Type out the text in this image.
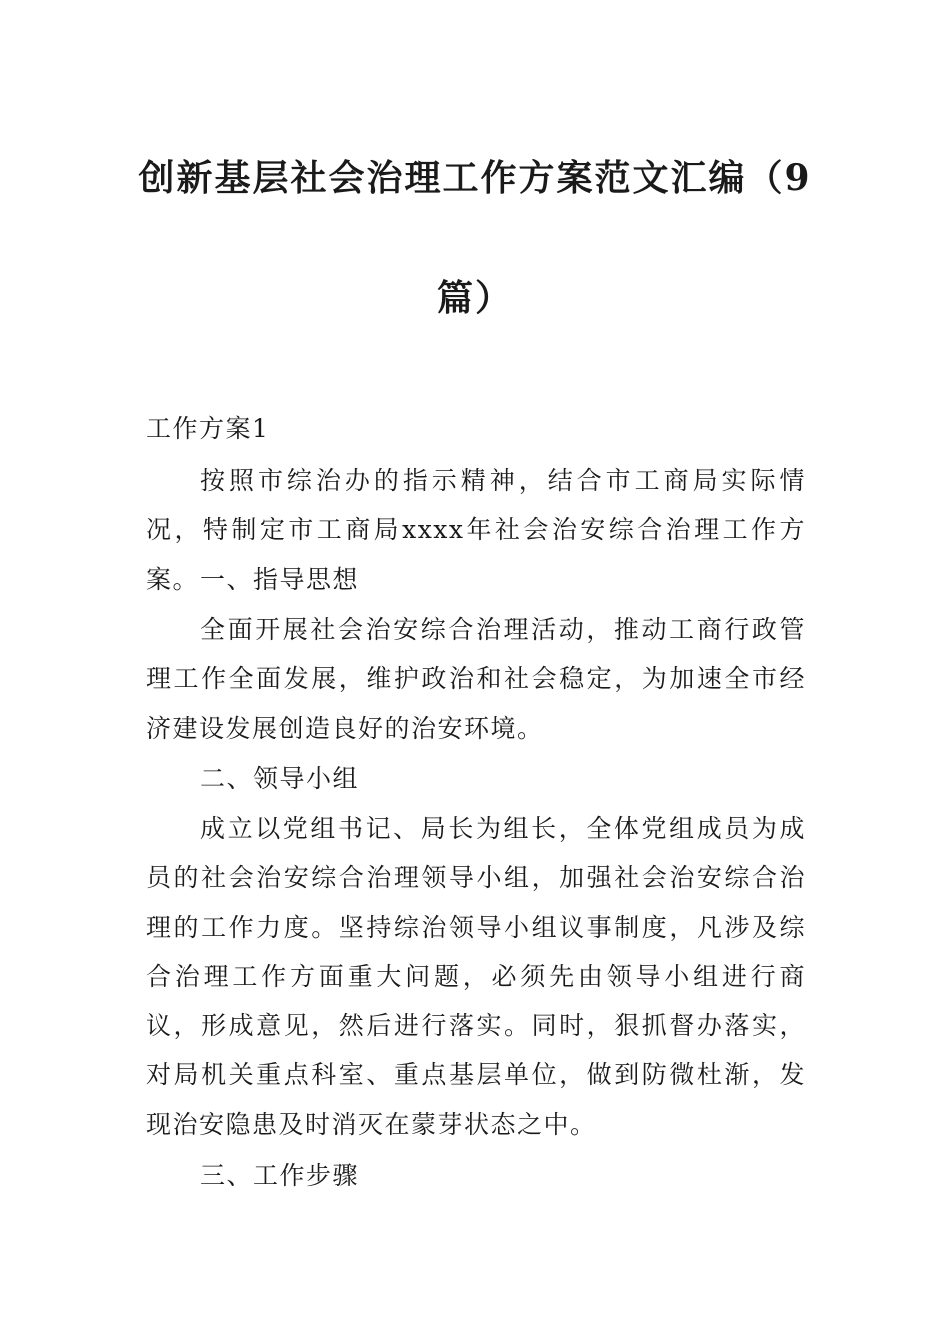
创新基层社会治理工作方案范文汇编（9
篇）

工作方案1

按照市综治办的指示精神，结合市工商局实际情况，特制定市工商局xxxx年社会治安综合治理工作方案。 一、指导思想

全面开展社会治安综合治理活动，推动工商行政管理工作全面发展，维护政治和社会稳定，为加速全市经济建设发展创造良好的治安环境。

二、领导小组

成立以党组书记、局长为组长，全体党组成员为成员的社会治安综合治理领导小组，加强社会治安综合治理的工作力度。坚持综治领导小组议事制度，凡涉及综合治理工作方面重大问题，必须先由领导小组进行商议，形成意见，然后进行落实。同时，狠抓督办落实，对局机关重点科室、重点基层单位，做到防微杜渐，发现治安隐患及时消灭在蒙芽状态之中。

三、工作步骤
